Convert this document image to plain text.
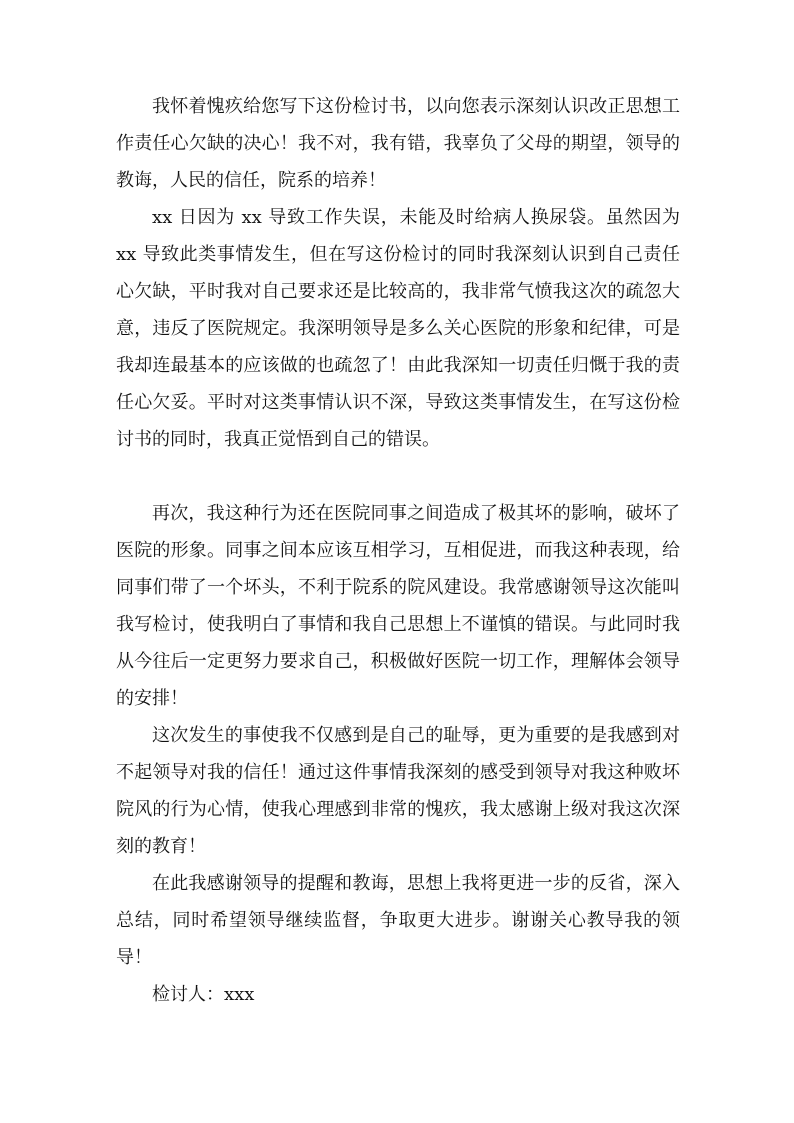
我怀着愧疚给您写下这份检讨书，以向您表示深刻认识改正思想工作责任心欠缺的决心！我不对，我有错，我辜负了父母的期望，领导的教诲，人民的信任，院系的培养！

xx 日因为 xx 导致工作失误，未能及时给病人换尿袋。虽然因为 xx 导致此类事情发生，但在写这份检讨的同时我深刻认识到自己责任心欠缺，平时我对自己要求还是比较高的，我非常气愤我这次的疏忽大意，违反了医院规定。我深明领导是多么关心医院的形象和纪律，可是我却连最基本的应该做的也疏忽了！由此我深知一切责任归慨于我的责任心欠妥。平时对这类事情认识不深，导致这类事情发生，在写这份检讨书的同时，我真正觉悟到自己的错误。

再次，我这种行为还在医院同事之间造成了极其坏的影响，破坏了医院的形象。同事之间本应该互相学习，互相促进，而我这种表现，给同事们带了一个坏头，不利于院系的院风建设。我常感谢领导这次能叫我写检讨，使我明白了事情和我自己思想上不谨慎的错误。与此同时我从今往后一定更努力要求自己，积极做好医院一切工作，理解体会领导的安排！

这次发生的事使我不仅感到是自己的耻辱，更为重要的是我感到对不起领导对我的信任！通过这件事情我深刻的感受到领导对我这种败坏院风的行为心情，使我心理感到非常的愧疚，我太感谢上级对我这次深刻的教育！

在此我感谢领导的提醒和教诲，思想上我将更进一步的反省，深入总结，同时希望领导继续监督，争取更大进步。谢谢关心教导我的领导！

检讨人：xxx
